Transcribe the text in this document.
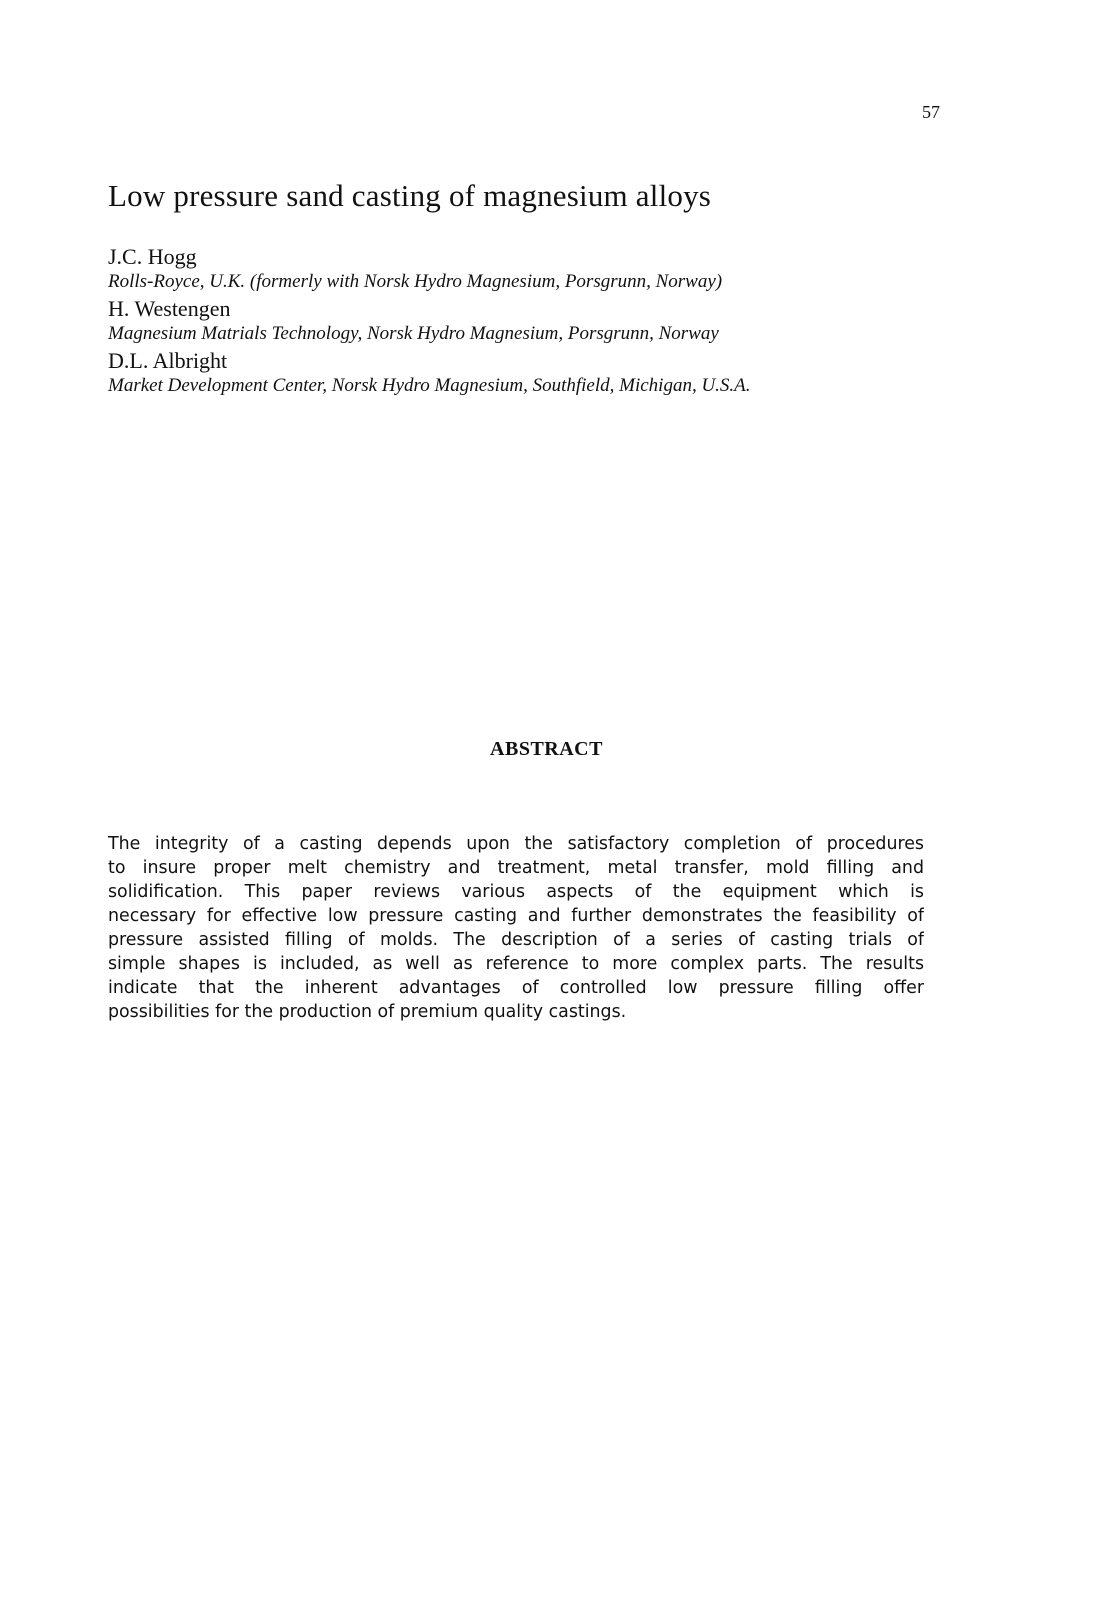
57
Low pressure sand casting of magnesium alloys
J.C. Hogg
Rolls-Royce, U.K. (formerly with Norsk Hydro Magnesium, Porsgrunn, Norway)
H. Westengen
Magnesium Matrials Technology, Norsk Hydro Magnesium, Porsgrunn, Norway
D.L. Albright
Market Development Center, Norsk Hydro Magnesium, Southfield, Michigan, U.S.A.
ABSTRACT
The integrity of a casting depends upon the satisfactory completion of procedures
to insure proper melt chemistry and treatment, metal transfer, mold filling and
solidification. This paper reviews various aspects of the equipment which is
necessary for effective low pressure casting and further demonstrates the feasibility of
pressure assisted filling of molds. The description of a series of casting trials of
simple shapes is included, as well as reference to more complex parts. The results
indicate that the inherent advantages of controlled low pressure filling offer
possibilities for the production of premium quality castings.
